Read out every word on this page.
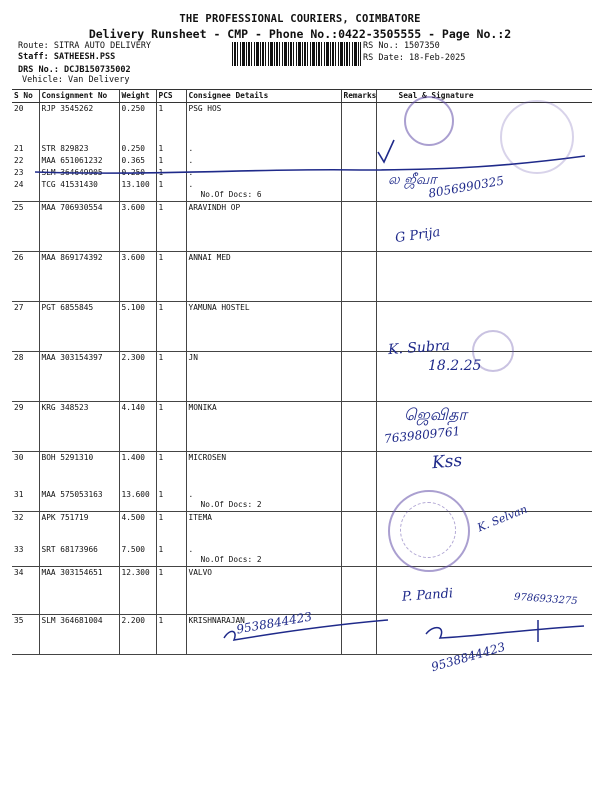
THE PROFESSIONAL COURIERS, COIMBATORE
Delivery Runsheet - CMP - Phone No.:0422-3505555 - Page No.:2
Route: SITRA AUTO DELIVERY
Staff: SATHEESH.PSS
DRS No.: DCJB150735002
Vehicle: Van Delivery
RS No.: 1507350
RS Date: 18-Feb-2025
S No	Consignment No	Weight	PCS	Consignee Details	Remarks	Seal & Signature
20	RJP 3545262	0.250	1	PSG HOS		
21	STR 829823	0.250	1	.		
22	MAA 651061232	0.365	1	.		
23	SLM 364649905	0.250	1	.		
24	TCG 41531430	13.100	1	.
No.Of Docs: 6		

25	MAA 706930554	3.600	1	ARAVINDH OP		
26	MAA 869174392	3.600	1	ANNAI MED		
27	PGT 6855845	5.100	1	YAMUNA HOSTEL		
28	MAA 303154397	2.300	1	JN		
29	KRG 348523	4.140	1	MONIKA		
30	BOH 5291310	1.400	1	MICROSEN		
31	MAA 575053163	13.600	1	.
No.Of Docs: 2		

32	APK 751719	4.500	1	ITEMA		
33	SRT 68173966	7.500	1	.
No.Of Docs: 2		

34	MAA 303154651	12.300	1	VALVO		
35	SLM 364681004	2.200	1	KRISHNARAJAN		
8056990325
ல ஜீவா
G Prija
K. Subra
18.2.25
ஜெவிதா
7639809761
Kss
K. Selvan
P. Pandi	9786933275
9538844423
9538844423
